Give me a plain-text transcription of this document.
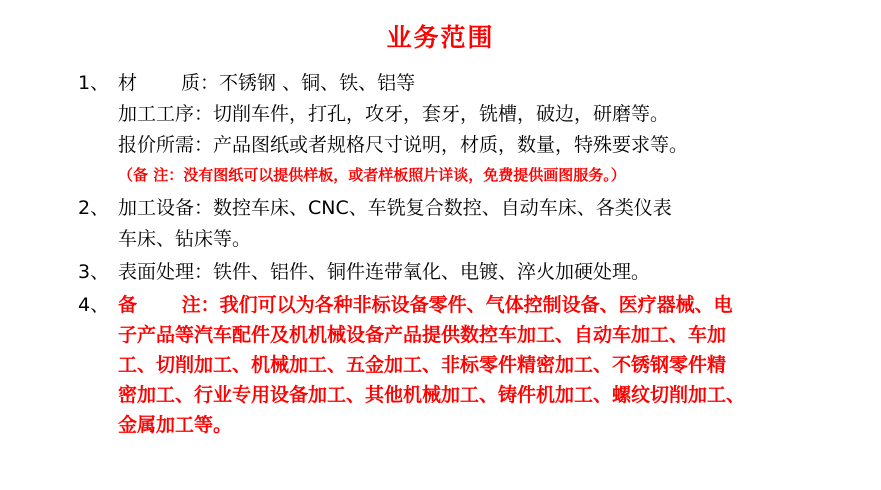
业务范围
1、 材　　 质：不锈钢 、铜、铁、铝等
加工工序：切削车件，打孔，攻牙，套牙，铣槽，破边，研磨等。
报价所需：产品图纸或者规格尺寸说明，材质，数量，特殊要求等。
（备 注：没有图纸可以提供样板，或者样板照片详谈，免费提供画图服务。）
2、 加工设备：数控车床、CNC、车铣复合数控、自动车床、各类仪表
车床、钻床等。
3、 表面处理：铁件、铝件、铜件连带氧化、电镀、淬火加硬处理。
4、 备　　 注：我们可以为各种非标设备零件、气体控制设备、医疗器械、电
子产品等汽车配件及机机械设备产品提供数控车加工、自动车加工、车加
工、切削加工、机械加工、五金加工、非标零件精密加工、不锈钢零件精
密加工、行业专用设备加工、其他机械加工、铸件机加工、螺纹切削加工、
金属加工等。
